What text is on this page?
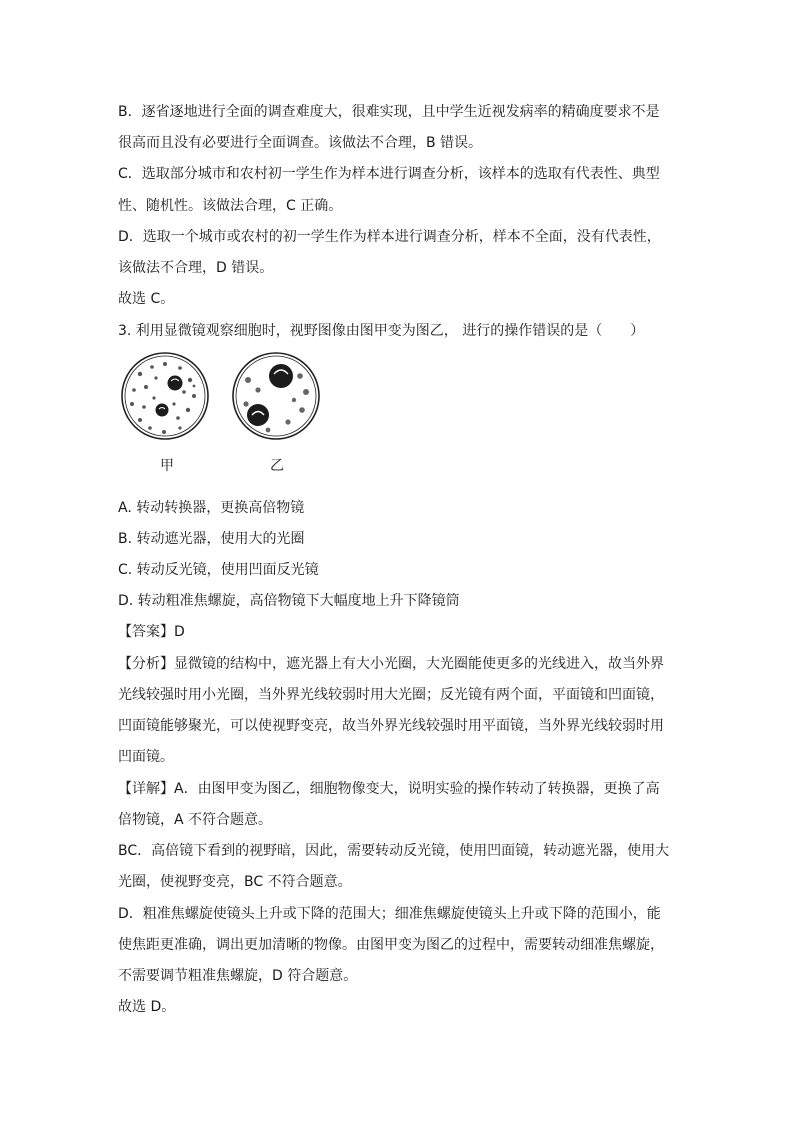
B．逐省逐地进行全面的调查难度大，很难实现，且中学生近视发病率的精确度要求不是
很高而且没有必要进行全面调查。该做法不合理，B 错误。
C．选取部分城市和农村初一学生作为样本进行调查分析，该样本的选取有代表性、典型
性、随机性。该做法合理，C 正确。
D．选取一个城市或农村的初一学生作为样本进行调查分析，样本不全面，没有代表性，
该做法不合理，D 错误。
故选 C。
3. 利用显微镜观察细胞时，视野图像由图甲变为图乙， 进行的操作错误的是（　　）
甲	乙
A. 转动转换器，更换高倍物镜
B. 转动遮光器，使用大的光圈
C. 转动反光镜，使用凹面反光镜
D. 转动粗准焦螺旋，高倍物镜下大幅度地上升下降镜筒
【答案】D
【分析】显微镜的结构中，遮光器上有大小光圈，大光圈能使更多的光线进入，故当外界
光线较强时用小光圈，当外界光线较弱时用大光圈；反光镜有两个面，平面镜和凹面镜，
凹面镜能够聚光，可以使视野变亮，故当外界光线较强时用平面镜，当外界光线较弱时用
凹面镜。
【详解】A．由图甲变为图乙，细胞物像变大，说明实验的操作转动了转换器，更换了高
倍物镜，A 不符合题意。
BC．高倍镜下看到的视野暗，因此，需要转动反光镜，使用凹面镜，转动遮光器，使用大
光圈，使视野变亮，BC 不符合题意。
D．粗准焦螺旋使镜头上升或下降的范围大；细准焦螺旋使镜头上升或下降的范围小，能
使焦距更准确，调出更加清晰的物像。由图甲变为图乙的过程中，需要转动细准焦螺旋，
不需要调节粗准焦螺旋，D 符合题意。
故选 D。
